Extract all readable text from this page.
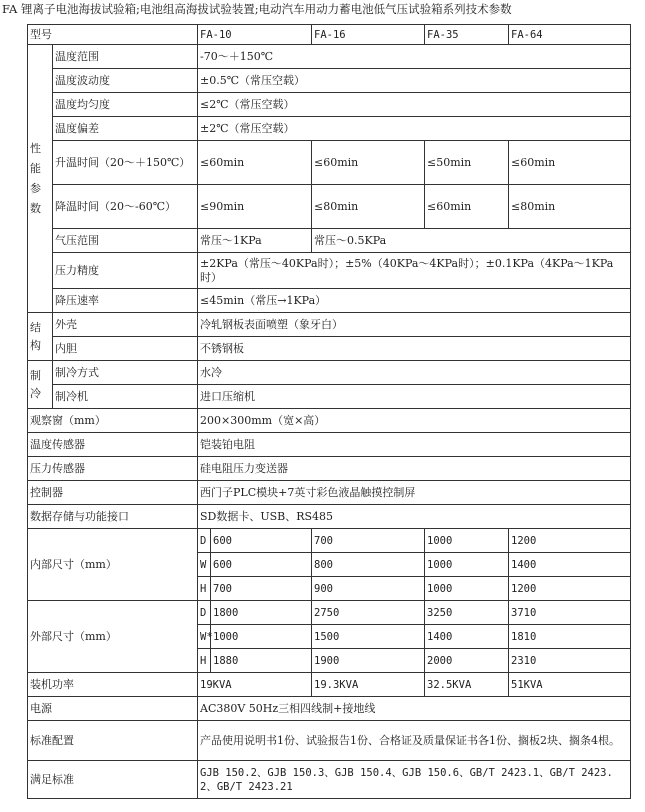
FA 锂离子电池海拔试验箱;电池组高海拔试验装置;电动汽车用动力蓄电池低气压试验箱系列技术参数
型号		FA-10		FA-16	FA-35	FA-64
性能参数	温度范围	-70～＋150℃				
	温度波动度	±0.5℃（常压空载）				
	温度均匀度	≤2℃（常压空载）				
	温度偏差	±2℃（常压空载）				
	升温时间（20～＋150℃）	≤60min		≤60min	≤50min	≤60min
	降温时间（20～-60℃）	≤90min		≤80min	≤60min	≤80min
	气压范围	常压～1KPa		常压～0.5KPa		
	压力精度	±2KPa（常压～40KPa时）；±5%（40KPa～4KPa时）；±0.1KPa（4KPa～1KPa时）				
	降压速率	≤45min（常压→1KPa）				
结构	外壳	冷轧钢板表面喷塑（象牙白）				
	内胆	不锈钢板				
制冷	制冷方式	水冷				
	制冷机	进口压缩机				
观察窗（mm）		200×300mm（宽×高）				
温度传感器		铠装铂电阻				
压力传感器		硅电阻压力变送器				
控制器		西门子PLC模块+7英寸彩色液晶触摸控制屏				
数据存储与功能接口		SD数据卡、USB、RS485				
内部尺寸（mm）		D	600	700	1000	1200
		W	600	800	1000	1400
		H	700	900	1000	1200
外部尺寸（mm）		D	1800	2750	3250	3710
		W*	1000	1500	1400	1810
		H	1880	1900	2000	2310
装机功率		19KVA		19.3KVA	32.5KVA	51KVA
电源		AC380V 50Hz三相四线制+接地线				
标准配置		产品使用说明书1份、试验报告1份、合格证及质量保证书各1份、搁板2块、搁条4根。				
满足标准		GJB 150.2、GJB 150.3、GJB 150.4、GJB 150.6、GB/T 2423.1、GB/T 2423.2、GB/T 2423.21				
